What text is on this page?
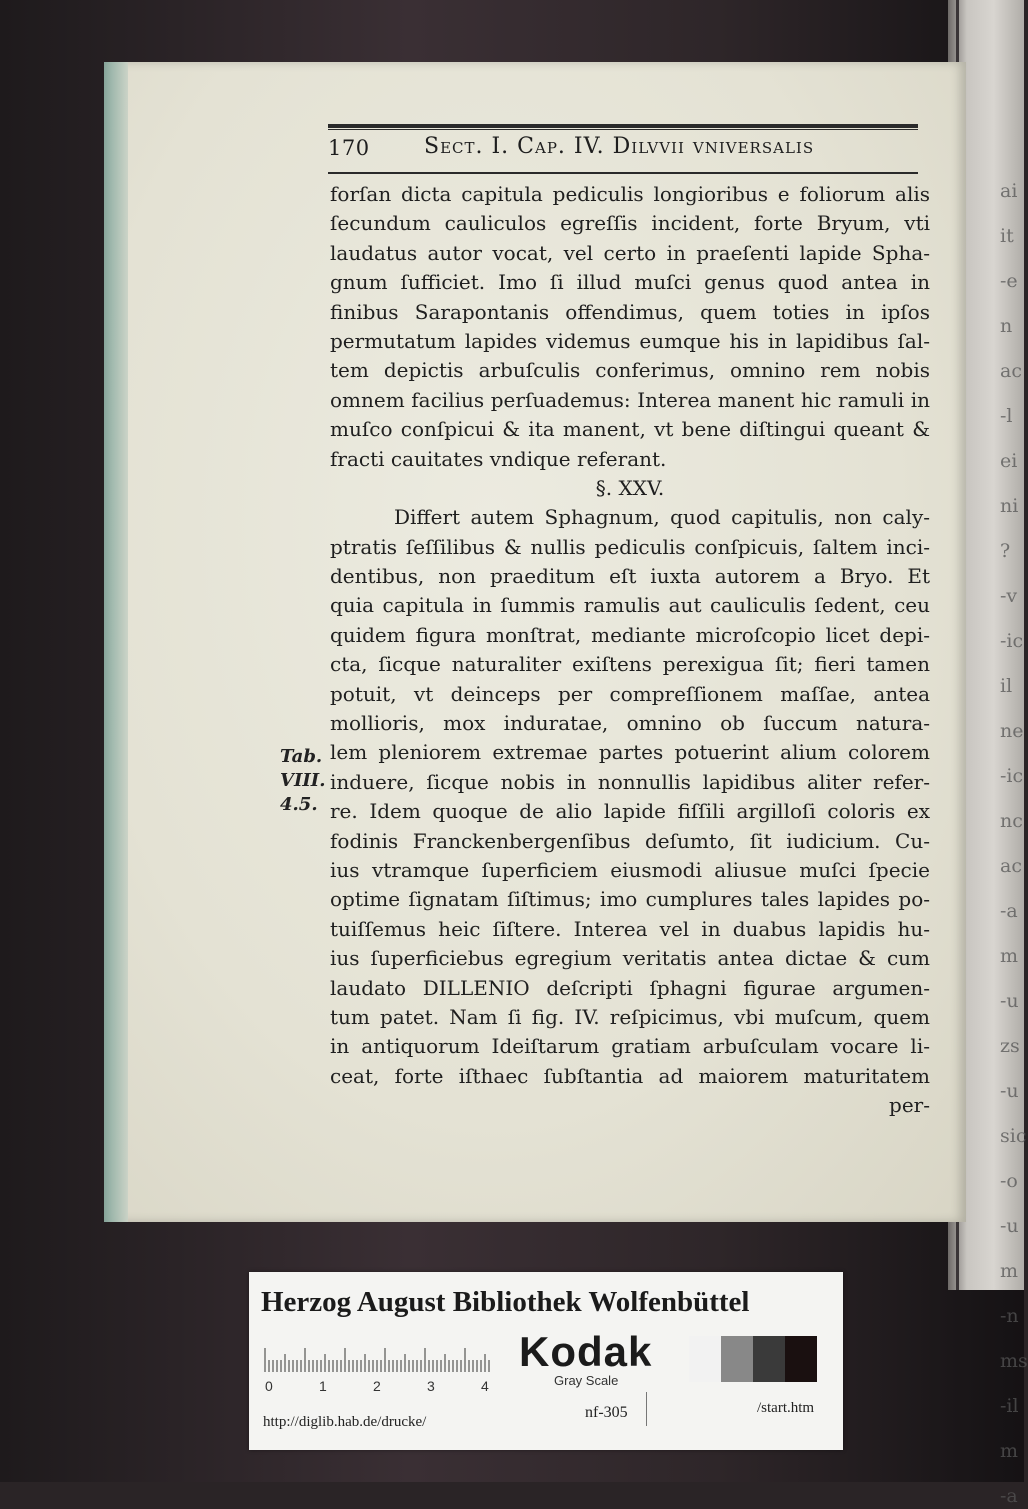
ai
it
-e
n
ac
-l
ei
ni
?
-v
-ic
il
ne
-ic
nc
ac
-a
m
-u
zs
-u
sic
-o
-u
m
-n
ms
-il
m
-a
170 Sect. I. Cap. IV. Dilvvii vniversalis
forſan dicta capitula pediculis longioribus e foliorum alis
ſecundum cauliculos egreſſis incident, forte Bryum, vti
laudatus autor vocat, vel certo in praeſenti lapide Spha-
gnum ſufficiet. Imo ſi illud muſci genus quod antea in
finibus Sarapontanis offendimus, quem toties in ipſos
permutatum lapides videmus eumque his in lapidibus ſal-
tem depictis arbuſculis conferimus, omnino rem nobis
omnem facilius perſuademus: Interea manent hic ramuli in
muſco conſpicui & ita manent, vt bene diſtingui queant &
fracti cauitates vndique referant.
§. XXV.
Differt autem Sphagnum, quod capitulis, non caly-
ptratis ſeſſilibus & nullis pediculis conſpicuis, ſaltem inci-
dentibus, non praeditum eſt iuxta autorem a Bryo. Et
quia capitula in ſummis ramulis aut cauliculis ſedent, ceu
quidem figura monſtrat, mediante microſcopio licet depi-
cta, ſicque naturaliter exiſtens perexigua ſit; fieri tamen
potuit, vt deinceps per compreſſionem maſſae, antea
mollioris, mox induratae, omnino ob ſuccum natura-
lem pleniorem extremae partes potuerint alium colorem
induere, ſicque nobis in nonnullis lapidibus aliter refer-
re. Idem quoque de alio lapide fiſſili argilloſi coloris ex
fodinis Franckenbergenſibus deſumto, ſit iudicium. Cu-
ius vtramque ſuperficiem eiusmodi aliusue muſci ſpecie
optime ſignatam ſiſtimus; imo cumplures tales lapides po-
tuiſſemus heic ſiſtere. Interea vel in duabus lapidis hu-
ius ſuperficiebus egregium veritatis antea dictae & cum
laudato DILLENIO deſcripti ſphagni figurae argumen-
tum patet. Nam ſi fig. IV. reſpicimus, vbi muſcum, quem
in antiquorum Ideiſtarum gratiam arbuſculam vocare li-
ceat, forte iſthaec ſubſtantia ad maiorem maturitatem
per-
Tab.
VIII.
4.5.
Herzog August Bibliothek Wolfenbüttel
0	1	2	3	4
Kodak
Gray Scale
http://diglib.hab.de/drucke/
nf-305	/start.htm
